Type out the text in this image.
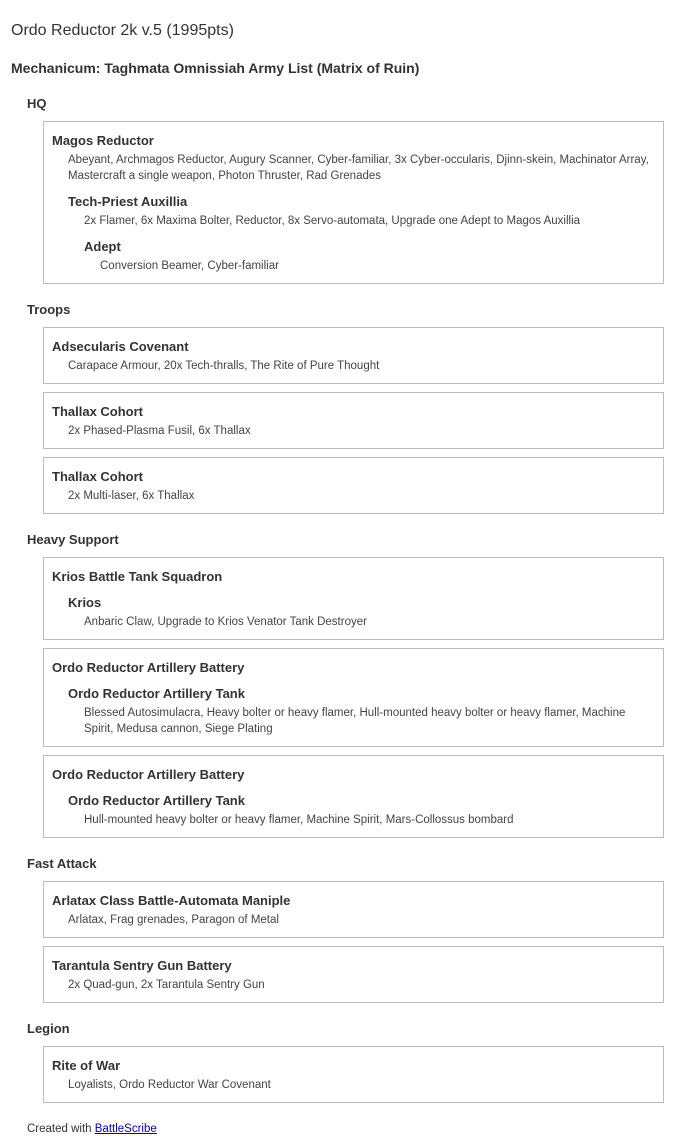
Ordo Reductor 2k v.5 (1995pts)
Mechanicum: Taghmata Omnissiah Army List (Matrix of Ruin)
HQ
Magos Reductor
Abeyant, Archmagos Reductor, Augury Scanner, Cyber-familiar, 3x Cyber-occularis, Djinn-skein, Machinator Array, Mastercraft a single weapon, Photon Thruster, Rad Grenades
Tech-Priest Auxillia
2x Flamer, 6x Maxima Bolter, Reductor, 8x Servo-automata, Upgrade one Adept to Magos Auxillia
Adept
Conversion Beamer, Cyber-familiar
Troops
Adsecularis Covenant
Carapace Armour, 20x Tech-thralls, The Rite of Pure Thought
Thallax Cohort
2x Phased-Plasma Fusil, 6x Thallax
Thallax Cohort
2x Multi-laser, 6x Thallax
Heavy Support
Krios Battle Tank Squadron
Krios
Anbaric Claw, Upgrade to Krios Venator Tank Destroyer
Ordo Reductor Artillery Battery
Ordo Reductor Artillery Tank
Blessed Autosimulacra, Heavy bolter or heavy flamer, Hull-mounted heavy bolter or heavy flamer, Machine Spirit, Medusa cannon, Siege Plating
Ordo Reductor Artillery Battery
Ordo Reductor Artillery Tank
Hull-mounted heavy bolter or heavy flamer, Machine Spirit, Mars-Collossus bombard
Fast Attack
Arlatax Class Battle-Automata Maniple
Arlatax, Frag grenades, Paragon of Metal
Tarantula Sentry Gun Battery
2x Quad-gun, 2x Tarantula Sentry Gun
Legion
Rite of War
Loyalists, Ordo Reductor War Covenant
Created with BattleScribe
